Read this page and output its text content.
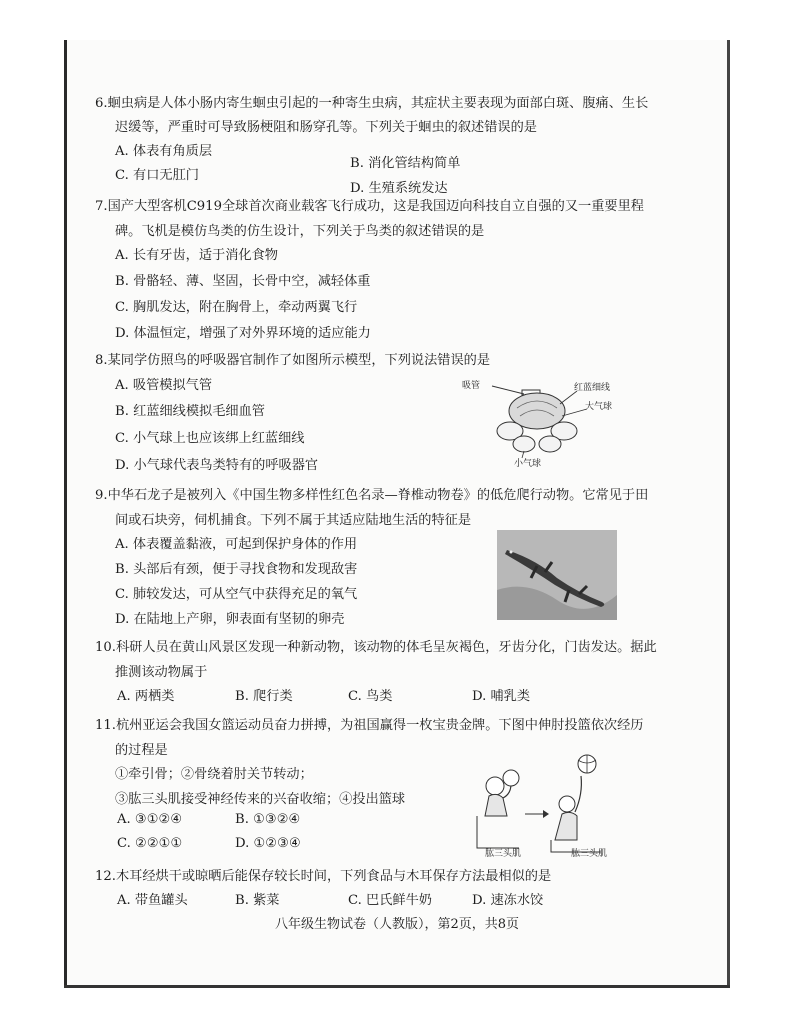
6.蛔虫病是人体小肠内寄生蛔虫引起的一种寄生虫病，其症状主要表现为面部白斑、腹痛、生长
迟缓等，严重时可导致肠梗阻和肠穿孔等。下列关于蛔虫的叙述错误的是
A. 体表有角质层
B. 消化管结构简单
C. 有口无肛门
D. 生殖系统发达
7.国产大型客机C919全球首次商业载客飞行成功，这是我国迈向科技自立自强的又一重要里程
碑。飞机是模仿鸟类的仿生设计，下列关于鸟类的叙述错误的是
A. 长有牙齿，适于消化食物
B. 骨骼轻、薄、坚固，长骨中空，减轻体重
C. 胸肌发达，附在胸骨上，牵动两翼飞行
D. 体温恒定，增强了对外界环境的适应能力
8.某同学仿照鸟的呼吸器官制作了如图所示模型，下列说法错误的是
A. 吸管模拟气管
B. 红蓝细线模拟毛细血管
C. 小气球上也应该绑上红蓝细线
D. 小气球代表鸟类特有的呼吸器官
吸管	红蓝细线
大气球
小气球
9.中华石龙子是被列入《中国生物多样性红色名录—脊椎动物卷》的低危爬行动物。它常见于田
间或石块旁，伺机捕食。下列不属于其适应陆地生活的特征是
A. 体表覆盖黏液，可起到保护身体的作用
B. 头部后有颈，便于寻找食物和发现敌害
C. 肺较发达，可从空气中获得充足的氧气
D. 在陆地上产卵，卵表面有坚韧的卵壳
10.科研人员在黄山风景区发现一种新动物，该动物的体毛呈灰褐色，牙齿分化，门齿发达。据此
推测该动物属于
A. 两栖类	B. 爬行类	C. 鸟类	D. 哺乳类
11.杭州亚运会我国女篮运动员奋力拼搏，为祖国赢得一枚宝贵金牌。下图中伸肘投篮依次经历
的过程是
①牵引骨；②骨绕着肘关节转动；
③肱三头肌接受神经传来的兴奋收缩；④投出篮球
A. ③①②④	B. ①③②④
C. ②②①①	D. ①②③④
肱三头肌	肱三头肌
12.木耳经烘干或晾晒后能保存较长时间，下列食品与木耳保存方法最相似的是
A. 带鱼罐头	B. 紫菜	C. 巴氏鲜牛奶	D. 速冻水饺
八年级生物试卷（人教版），第2页，共8页
